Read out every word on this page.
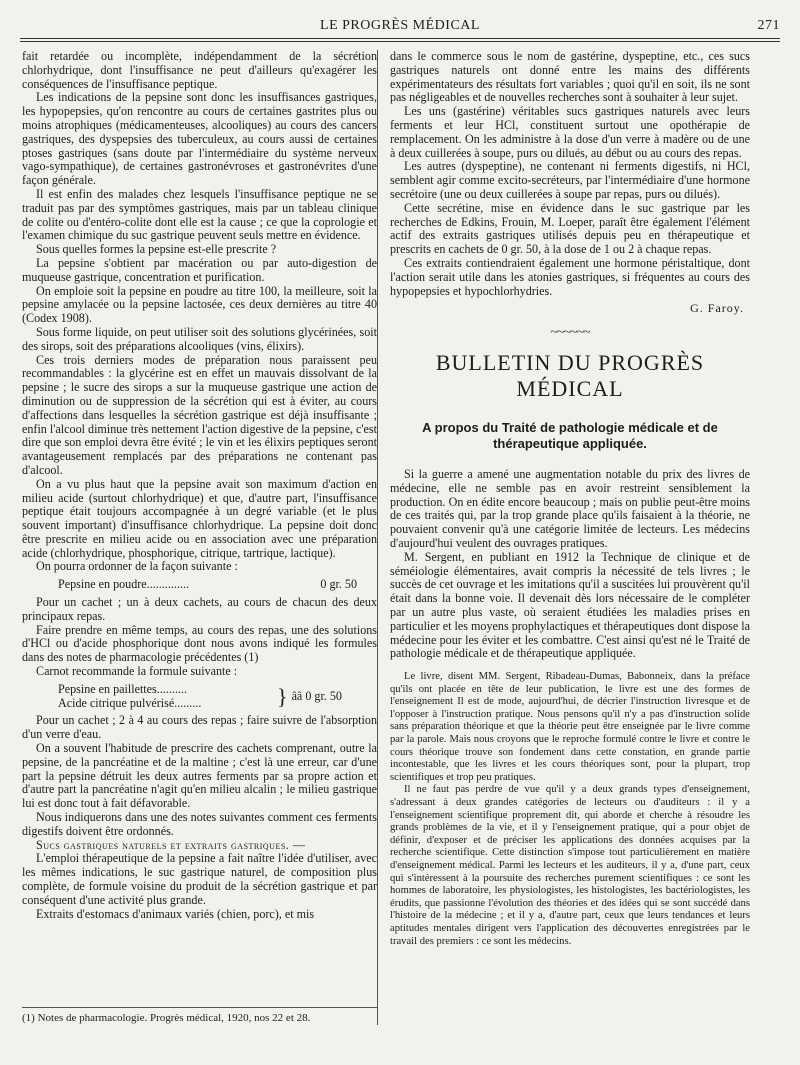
LE PROGRÈS MÉDICAL	271

fait retardée ou incomplète, indépendamment de la sécrétion chlorhydrique, dont l'insuffisance ne peut d'ailleurs qu'exagérer les conséquences de l'insuffisance peptique.

Les indications de la pepsine sont donc les insuffisances gastriques, les hypopepsies, qu'on rencontre au cours de certaines gastrites plus ou moins atrophiques (médicamenteuses, alcooliques) au cours des cancers gastriques, des dyspepsies des tuberculeux, au cours aussi de certaines ptoses gastriques (sans doute par l'intermédiaire du système nerveux vago-sympathique), de certaines gastronévroses et gastronévrites d'une façon générale.

Il est enfin des malades chez lesquels l'insuffisance peptique ne se traduit pas par des symptômes gastriques, mais par un tableau clinique de colite ou d'entéro-colite dont elle est la cause ; ce que la coprologie et l'examen chimique du suc gastrique peuvent seuls mettre en évidence.

Sous quelles formes la pepsine est-elle prescrite ?

La pepsine s'obtient par macération ou par auto-digestion de muqueuse gastrique, concentration et purification.

On emploie soit la pepsine en poudre au titre 100, la meilleure, soit la pepsine amylacée ou la pepsine lactosée, ces deux dernières au titre 40 (Codex 1908).

Sous forme liquide, on peut utiliser soit des solutions glycérinées, soit des sirops, soit des préparations alcooliques (vins, élixirs).

Ces trois derniers modes de préparation nous paraissent peu recommandables : la glycérine est en effet un mauvais dissolvant de la pepsine ; le sucre des sirops a sur la muqueuse gastrique une action de diminution ou de suppression de la sécrétion qui est à éviter, au cours d'affections dans lesquelles la sécrétion gastrique est déjà insuffisante ; enfin l'alcool diminue très nettement l'action digestive de la pepsine, c'est dire que son emploi devra être évité ; le vin et les élixirs peptiques seront avantageusement remplacés par des préparations ne contenant pas d'alcool.

On a vu plus haut que la pepsine avait son maximum d'action en milieu acide (surtout chlorhydrique) et que, d'autre part, l'insuffisance peptique était toujours accompagnée à un degré variable (et le plus souvent important) d'insuffisance chlorhydrique. La pepsine doit donc être prescrite en milieu acide ou en association avec une préparation acide (chlorhydrique, phosphorique, citrique, tartrique, lactique).

On pourra ordonner de la façon suivante :

Pepsine en poudre..............	0 gr. 50

Pour un cachet ; un à deux cachets, au cours de chacun des deux principaux repas.

Faire prendre en même temps, au cours des repas, une des solutions d'HCl ou d'acide phosphorique dont nous avons indiqué les formules dans des notes de pharmacologie précédentes (1)

Carnot recommande la formule suivante :

Pepsine en paillettes..........
Acide citrique pulvérisé.........	} ââ 0 gr. 50

Pour un cachet ; 2 à 4 au cours des repas ; faire suivre de l'absorption d'un verre d'eau.

On a souvent l'habitude de prescrire des cachets comprenant, outre la pepsine, de la pancréatine et de la maltine ; c'est là une erreur, car d'une part la pepsine détruit les deux autres ferments par sa propre action et d'autre part la pancréatine n'agit qu'en milieu alcalin ; le milieu gastrique lui est donc tout à fait défavorable.

Nous indiquerons dans une des notes suivantes comment ces ferments digestifs doivent être ordonnés.

Sucs gastriques naturels et extraits gastriques. —

L'emploi thérapeutique de la pepsine a fait naître l'idée d'utiliser, avec les mêmes indications, le suc gastrique naturel, de composition plus complète, de formule voisine du produit de la sécrétion gastrique et par conséquent d'une activité plus grande.

Extraits d'estomacs d'animaux variés (chien, porc), et mis

(1) Notes de pharmacologie. Progrès médical, 1920, nos 22 et 28.

dans le commerce sous le nom de gastérine, dyspeptine, etc., ces sucs gastriques naturels ont donné entre les mains des différents expérimentateurs des résultats fort variables ; quoi qu'il en soit, ils ne sont pas négligeables et de nouvelles recherches sont à souhaiter à leur sujet.

Les uns (gastérine) véritables sucs gastriques naturels avec leurs ferments et leur HCl, constituent surtout une opothérapie de remplacement. On les administre à la dose d'un verre à madère ou de une à deux cuillerées à soupe, purs ou dilués, au début ou au cours des repas.

Les autres (dyspeptine), ne contenant ni ferments digestifs, ni HCl, semblent agir comme excito-secréteurs, par l'intermédiaire d'une hormone secrétoire (une ou deux cuillerées à soupe par repas, purs ou dilués).

Cette secrétine, mise en évidence dans le suc gastrique par les recherches de Edkins, Frouin, M. Loeper, paraît être également l'élément actif des extraits gastriques utilisés depuis peu en thérapeutique et prescrits en cachets de 0 gr. 50, à la dose de 1 ou 2 à chaque repas.

Ces extraits contiendraient également une hormone péristaltique, dont l'action serait utile dans les atonies gastriques, si fréquentes au cours des hypopepsies et hypochlorhydries.

G. Faroy.
~~~~~~
BULLETIN DU PROGRÈS MÉDICAL
A propos du Traité de pathologie médicale et de thérapeutique appliquée.

Si la guerre a amené une augmentation notable du prix des livres de médecine, elle ne semble pas en avoir restreint sensiblement la production. On en édite encore beaucoup ; mais on publie peut-être moins de ces traités qui, par la trop grande place qu'ils faisaient à la théorie, ne pouvaient convenir qu'à une catégorie limitée de lecteurs. Les médecins d'aujourd'hui veulent des ouvrages pratiques.

M. Sergent, en publiant en 1912 la Technique de clinique et de séméiologie élémentaires, avait compris la nécessité de tels livres ; le succès de cet ouvrage et les imitations qu'il a suscitées lui prouvèrent qu'il était dans la bonne voie. Il devenait dès lors nécessaire de le compléter par un autre plus vaste, où seraient étudiées les maladies prises en particulier et les moyens prophylactiques et thérapeutiques dont dispose la médecine pour les éviter et les combattre. C'est ainsi qu'est né le Traité de pathologie médicale et de thérapeutique appliquée.

Le livre, disent MM. Sergent, Ribadeau-Dumas, Babonneix, dans la préface qu'ils ont placée en tête de leur publication, le livre est une des formes de l'enseignement Il est de mode, aujourd'hui, de décrier l'instruction livresque et de l'opposer à l'instruction pratique. Nous pensons qu'il n'y a pas d'instruction solide sans préparation théorique et que la théorie peut être enseignée par le livre comme par la parole. Mais nous croyons que le reproche formulé contre le livre et contre le cours théorique trouve son fondement dans cette constation, en grande partie incontestable, que les livres et les cours théoriques sont, pour la plupart, trop scientifiques et trop peu pratiques.

Il ne faut pas perdre de vue qu'il y a deux grands types d'enseignement, s'adressant à deux grandes catégories de lecteurs ou d'auditeurs : il y a l'enseignement scientifique proprement dit, qui aborde et cherche à résoudre les grands problèmes de la vie, et il y l'enseignement pratique, qui a pour objet de définir, d'exposer et de préciser les applications des données acquises par la recherche scientifique. Cette distinction s'impose tout particulièrement en matière d'enseignement médical. Parmi les lecteurs et les auditeurs, il y a, d'une part, ceux qui s'intéressent à la poursuite des recherches purement scientifiques : ce sont les hommes de laboratoire, les physiologistes, les histologistes, les bactériologistes, les érudits, que passionne l'évolution des théories et des idées qui se sont succédé dans l'histoire de la médecine ; et il y a, d'autre part, ceux que leurs tendances et leurs aptitudes mentales dirigent vers l'application des découvertes enregistrées par le travail des premiers : ce sont les médecins.
